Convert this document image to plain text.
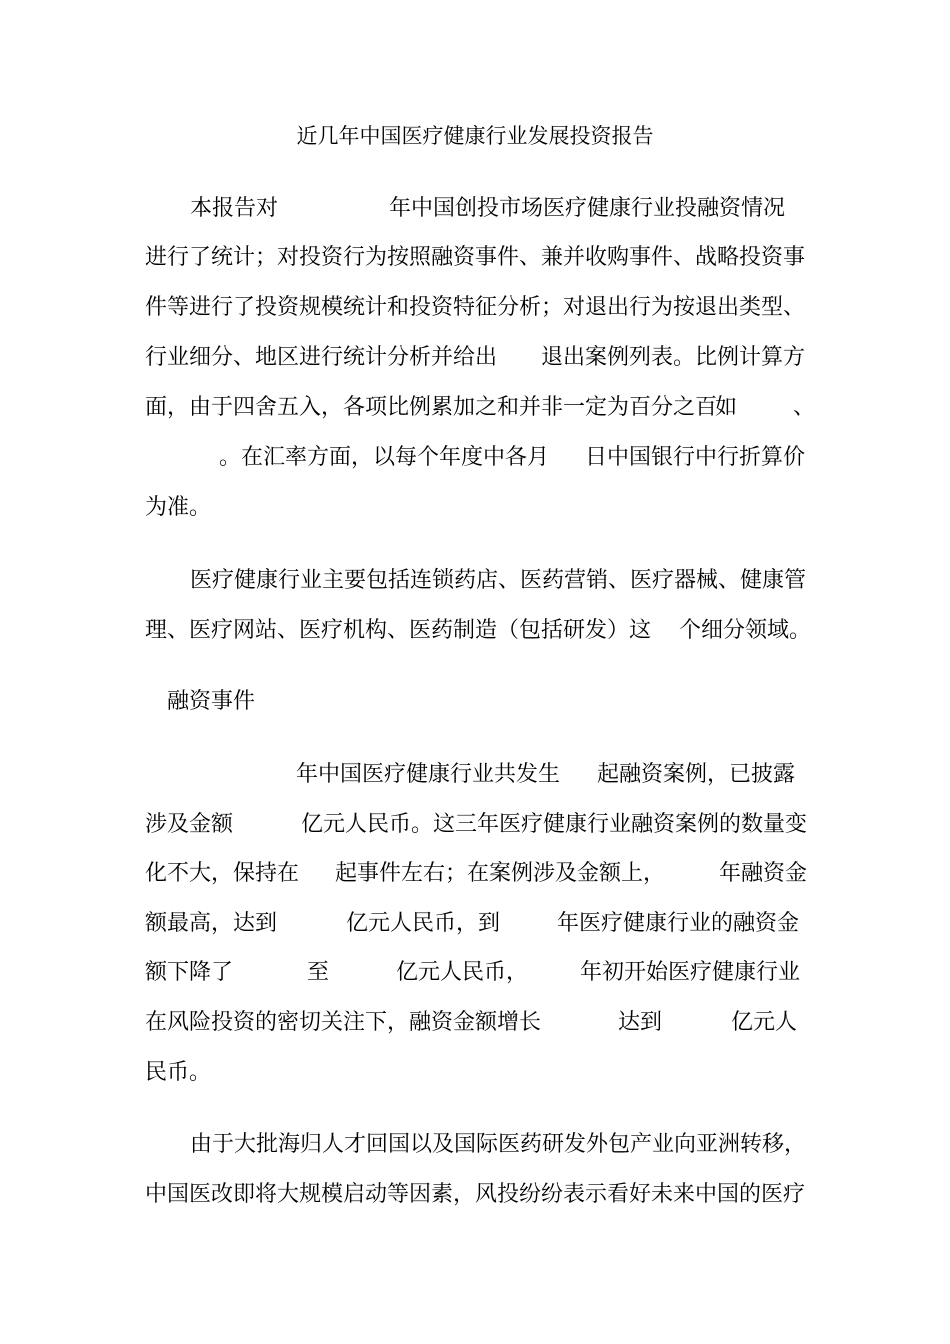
近几年中国医疗健康行业发展投资报告
本报告对	年中国创投市场医疗健康行业投融资情况
进行了统计；对投资行为按照融资事件、兼并收购事件、战略投资事
件等进行了投资规模统计和投资特征分析；对退出行为按退出类型、
行业细分、地区进行统计分析并给出 退出案例列表。比例计算方
面，由于四舍五入，各项比例累加之和并非一定为百分之百
如	、
。在汇率方面，以每个年度中各月 日中国银行中行折算价
为准。
医疗健康行业主要包括连锁药店、医药营销、医疗器械、健康管
理、医疗网站、医疗机构、医药制造（包括研发）这 个细分领域。
融资事件
年中国医疗健康行业共发生 起融资案例，已披露
涉及金额	亿元人民币。这三年医疗健康行业融资案例的数量变
化不大，保持在 起事件左右；在案例涉及金额上， 年融资金
额最高，达到	亿元人民币，到	年医疗健康行业的融资金
额下降了	至	亿元人民币， 年初开始医疗健康行业
在风险投资的密切关注下，融资金额增长	达到	亿元人
民币。
由于大批海归人才回国以及国际医药研发外包产业向亚洲转移，
中国医改即将大规模启动等因素，风投纷纷表示看好未来中国的医疗
